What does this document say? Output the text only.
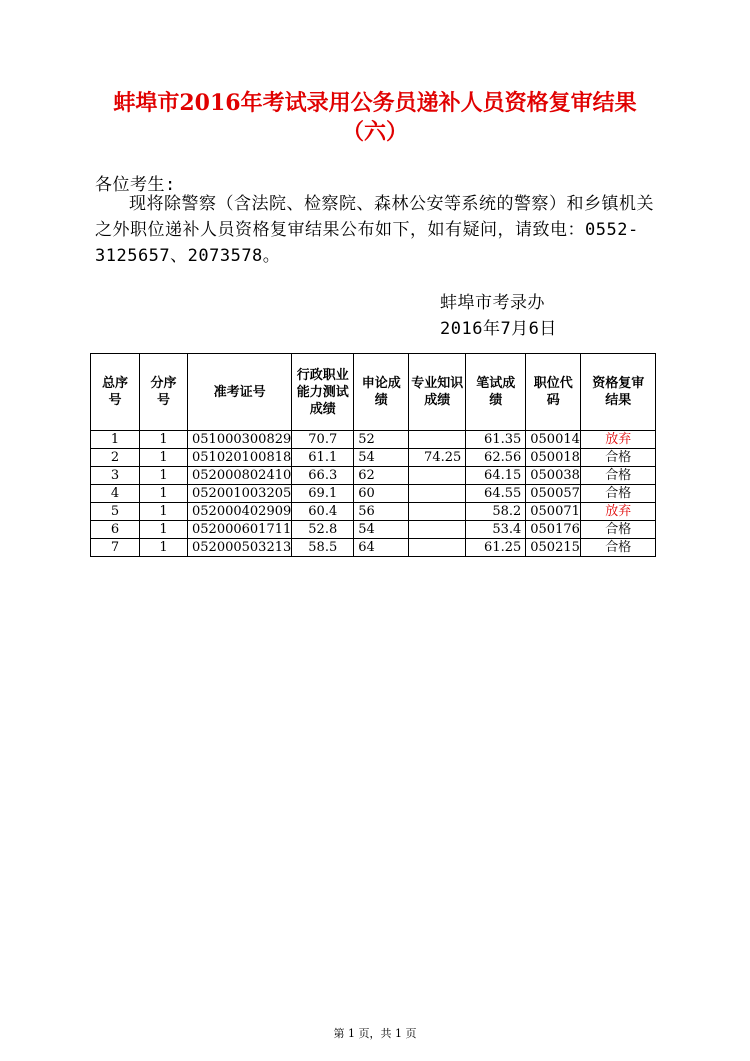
蚌埠市2016年考试录用公务员递补人员资格复审结果
（六）
各位考生:
现将除警察（含法院、检察院、森林公安等系统的警察）和乡镇机关之外职位递补人员资格复审结果公布如下，如有疑问，请致电：0552-3125657、2073578。
蚌埠市考录办
2016年7月6日
总序号	分序号	准考证号	行政职业能力测试成绩	申论成绩	专业知识成绩	笔试成绩	职位代码	资格复审结果
1	1	051000300829	70.7	52		61.35	050014	放弃
2	1	051020100818	61.1	54	74.25	62.56	050018	合格
3	1	052000802410	66.3	62		64.15	050038	合格
4	1	052001003205	69.1	60		64.55	050057	合格
5	1	052000402909	60.4	56		58.2	050071	放弃
6	1	052000601711	52.8	54		53.4	050176	合格
7	1	052000503213	58.5	64		61.25	050215	合格
第 1 页，共 1 页
